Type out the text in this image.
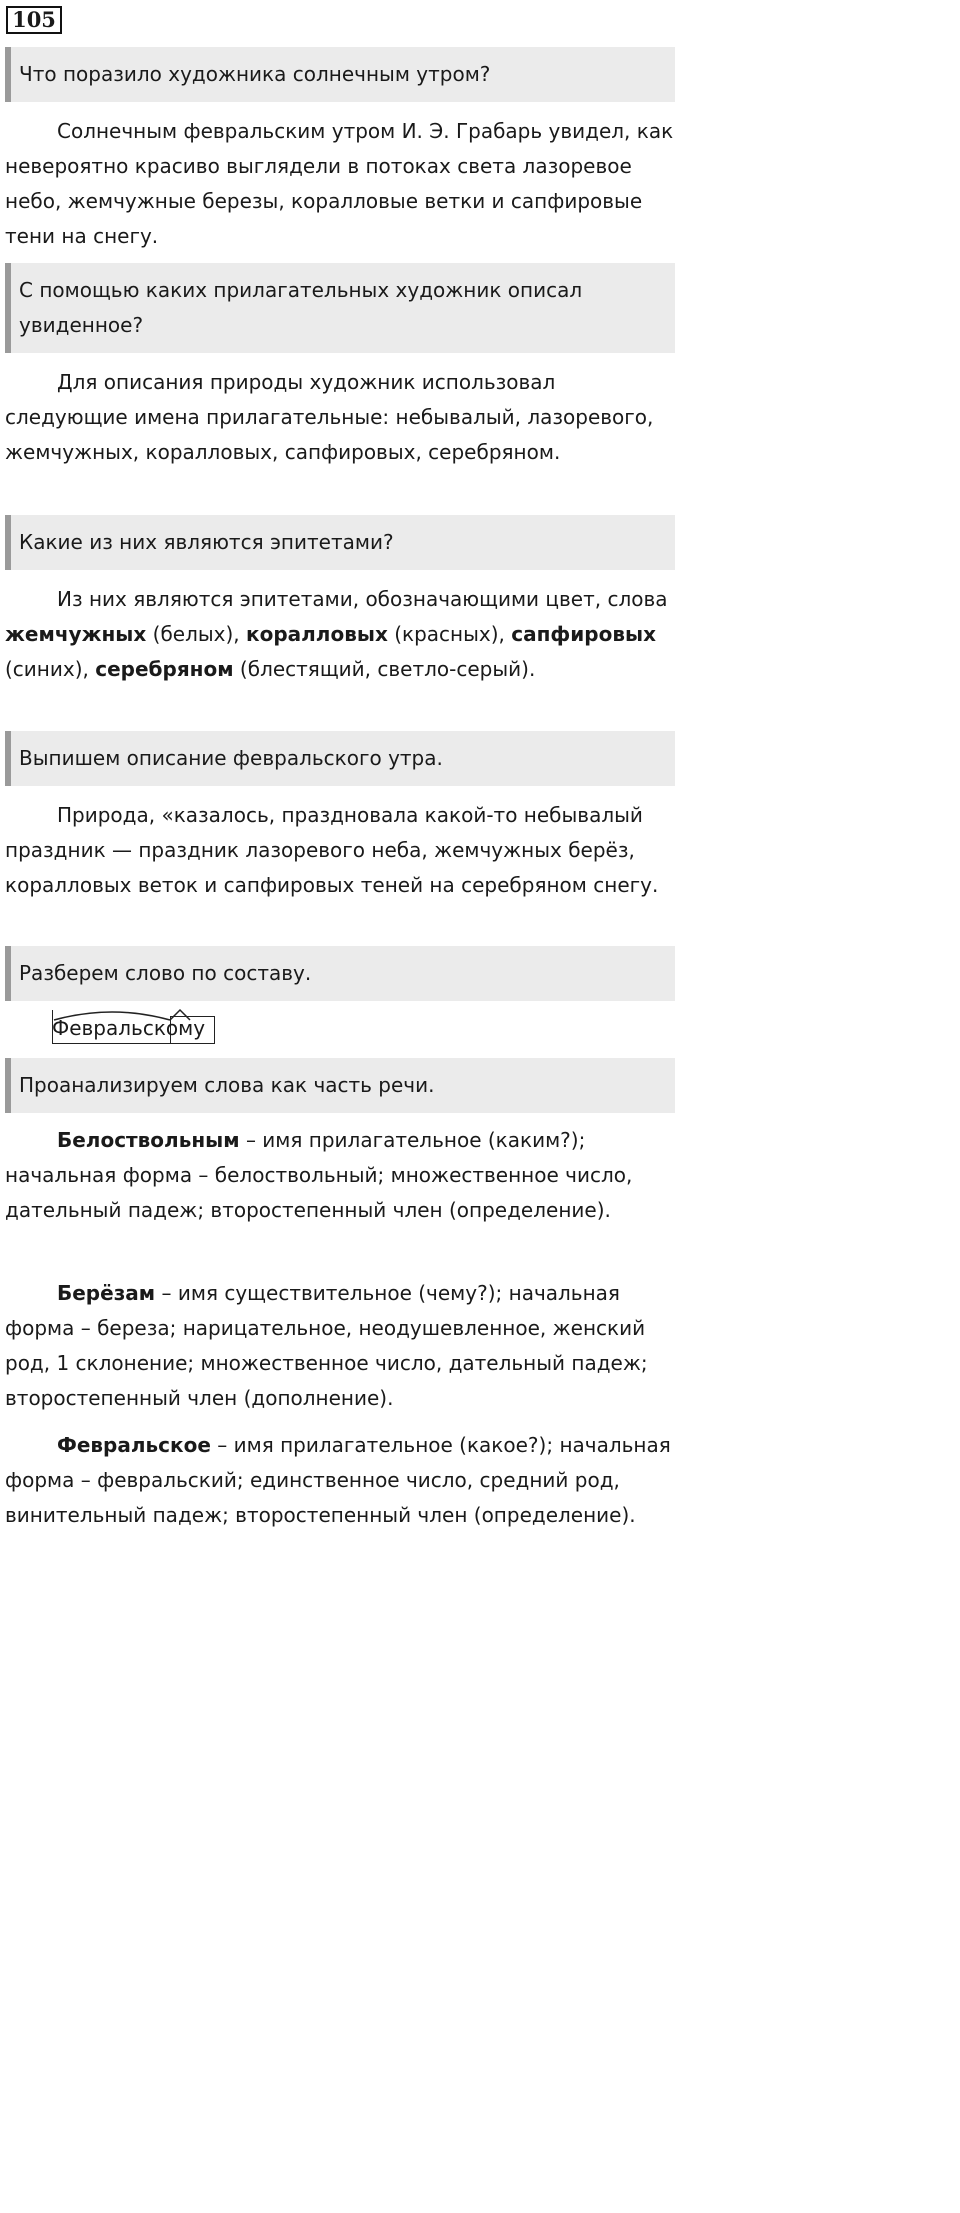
105
Что поразило художника солнечным утром?

Солнечным февральским утром И. Э. Грабарь увидел, как невероятно красиво выглядели в потоках света лазоревое небо, жемчужные березы, коралловые ветки и сапфировые тени на снегу.

С помощью каких прилагательных художник описал увиденное?

Для описания природы художник использовал следующие имена прилагательные: небывалый, лазоревого, жемчужных, коралловых, сапфировых, серебряном.

Какие из них являются эпитетами?

Из них являются эпитетами, обозначающими цвет, слова жемчужных (белых), коралловых (красных), сапфировых (синих), серебряном (блестящий, светло-серый).

Выпишем описание февральского утра.

Природа, «казалось, праздновала какой-то небывалый праздник — праздник лазоревого неба, жемчужных берёз, коралловых веток и сапфировых теней на серебряном снегу.

Разберем слово по составу.
Февральскому
Проанализируем слова как часть речи.

Белоствольным – имя прилагательное (каким?); начальная форма – белоствольный; множественное число, дательный падеж; второстепенный член (определение).

Берёзам – имя существительное (чему?); начальная форма – береза; нарицательное, неодушевленное, женский род, 1 склонение; множественное число, дательный падеж; второстепенный член (дополнение).

Февральское – имя прилагательное (какое?); начальная форма – февральский; единственное число, средний род, винительный падеж; второстепенный член (определение).
